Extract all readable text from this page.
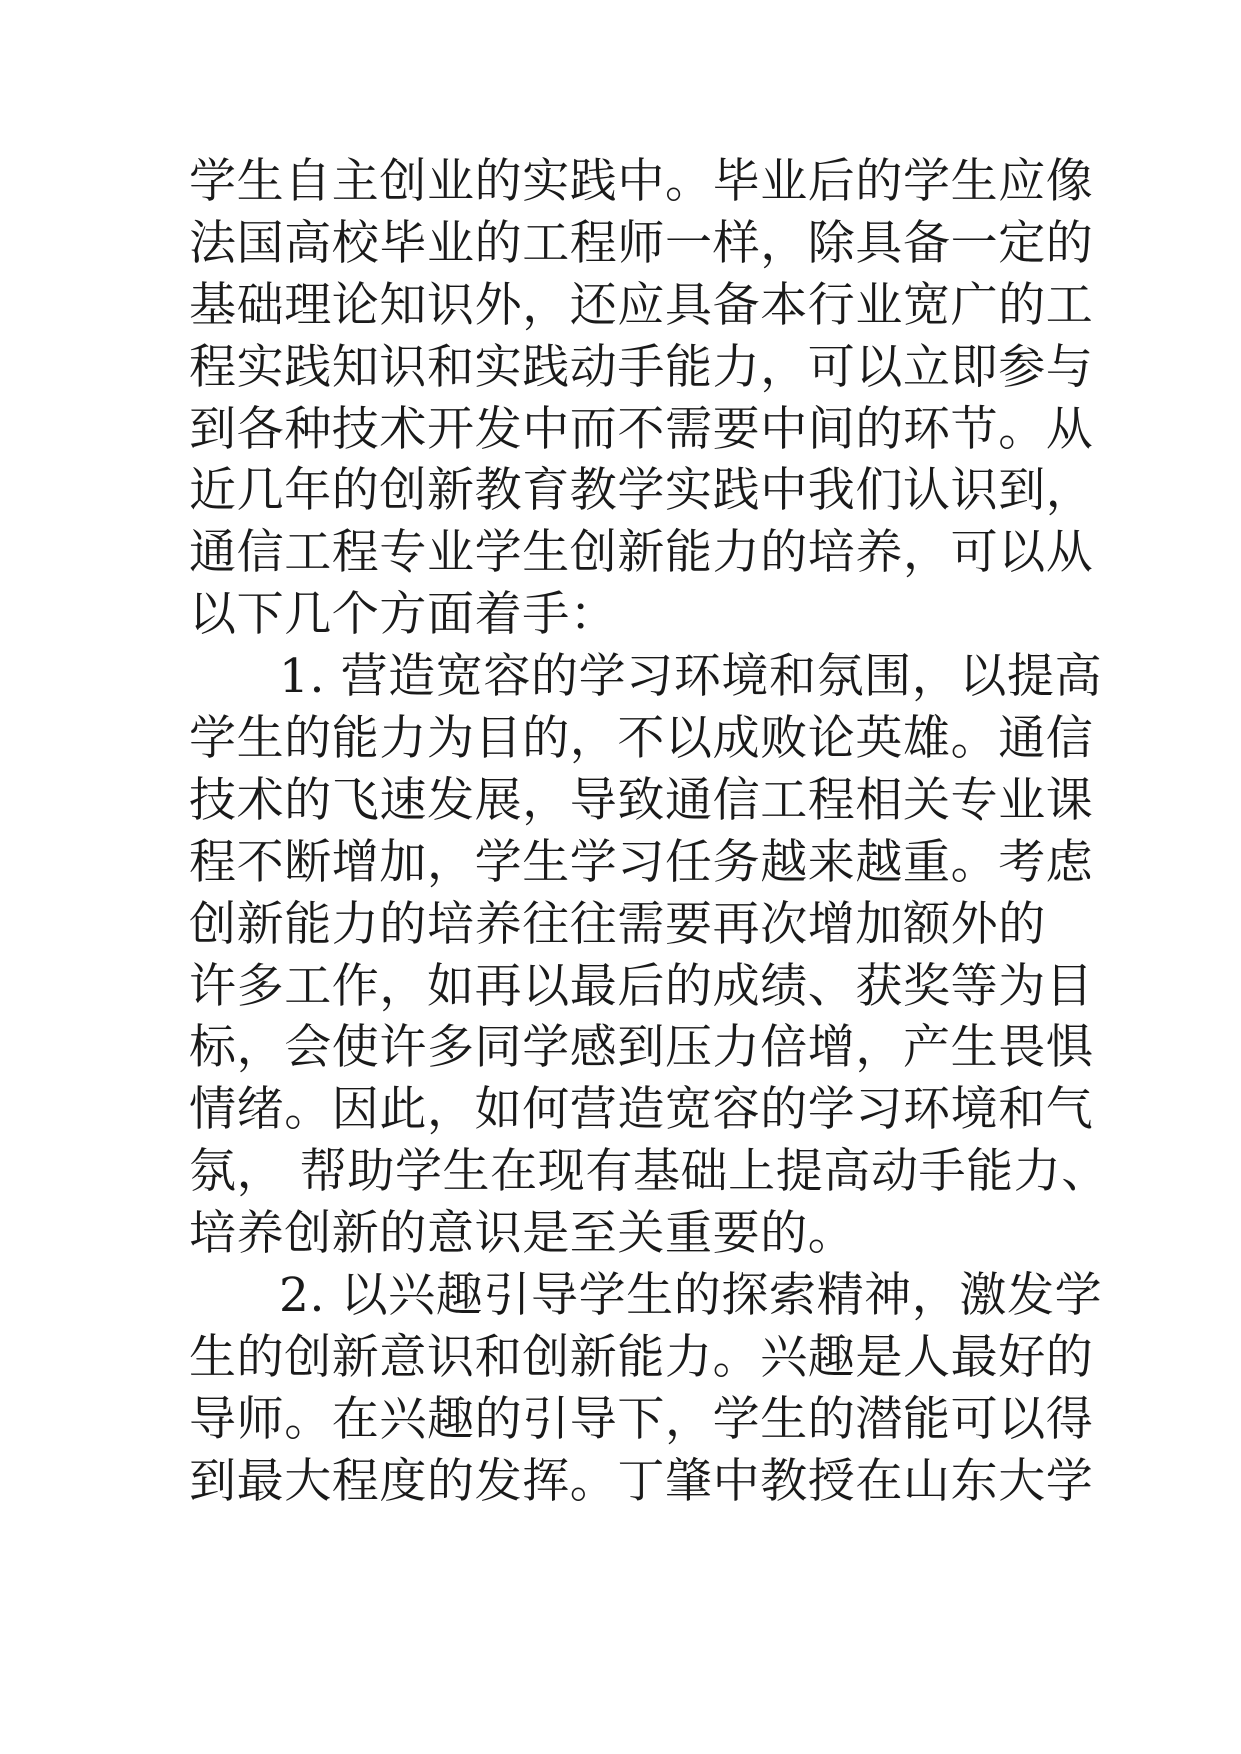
学生自主创业的实践中。毕业后的学生应像
法国高校毕业的工程师一样，除具备一定的
基础理论知识外，还应具备本行业宽广的工
程实践知识和实践动手能力，可以立即参与
到各种技术开发中而不需要中间的环节。从
近几年的创新教育教学实践中我们认识到，
通信工程专业学生创新能力的培养，可以从
以下几个方面着手：
1. 营造宽容的学习环境和氛围，以提高
学生的能力为目的，不以成败论英雄。通信
技术的飞速发展，导致通信工程相关专业课
程不断增加，学生学习任务越来越重。考虑
创新能力的培养往往需要再次增加额外的
许多工作，如再以最后的成绩、获奖等为目
标，会使许多同学感到压力倍增，产生畏惧
情绪。因此，如何营造宽容的学习环境和气
氛， 帮助学生在现有基础上提高动手能力、
培养创新的意识是至关重要的。
2. 以兴趣引导学生的探索精神，激发学
生的创新意识和创新能力。兴趣是人最好的
导师。在兴趣的引导下，学生的潜能可以得
到最大程度的发挥。丁肇中教授在山东大学
